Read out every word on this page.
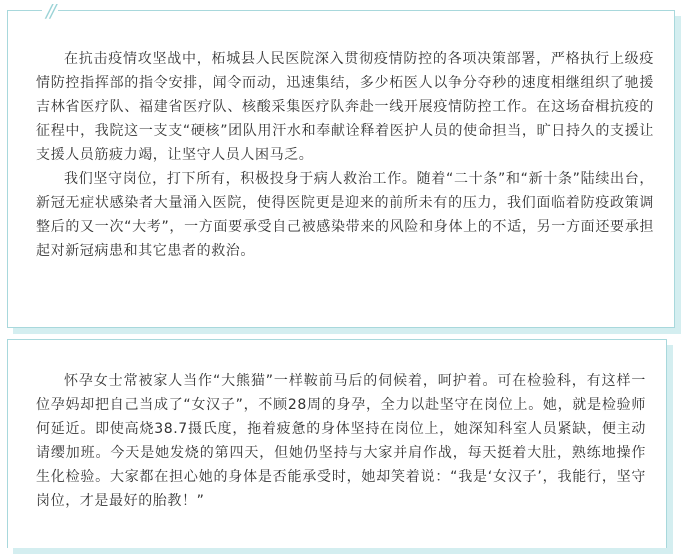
//

在抗击疫情攻坚战中，柘城县人民医院深入贯彻疫情防控的各项决策部署，严格执行上级疫情防控指挥部的指令安排，闻令而动，迅速集结，多少柘医人以争分夺秒的速度相继组织了驰援吉林省医疗队、福建省医疗队、核酸采集医疗队奔赴一线开展疫情防控工作。在这场奋楫抗疫的征程中，我院这一支支“硬核”团队用汗水和奉献诠释着医护人员的使命担当，旷日持久的支援让支援人员筋疲力竭，让坚守人员人困马乏。

我们坚守岗位，打下所有，积极投身于病人救治工作。随着“二十条”和“新十条”陆续出台，新冠无症状感染者大量涌入医院，使得医院更是迎来的前所未有的压力，我们面临着防疫政策调整后的又一次“大考”，一方面要承受自己被感染带来的风险和身体上的不适，另一方面还要承担起对新冠病患和其它患者的救治。

怀孕女士常被家人当作“大熊猫”一样鞍前马后的伺候着，呵护着。可在检验科，有这样一位孕妈却把自己当成了“女汉子”，不顾28周的身孕，全力以赴坚守在岗位上。她，就是检验师何延近。即使高烧38.7摄氏度，拖着疲惫的身体坚持在岗位上，她深知科室人员紧缺，便主动请缨加班。今天是她发烧的第四天，但她仍坚持与大家并肩作战，每天挺着大肚，熟练地操作生化检验。大家都在担心她的身体是否能承受时，她却笑着说：“我是‘女汉子’，我能行，坚守岗位，才是最好的胎教！”
